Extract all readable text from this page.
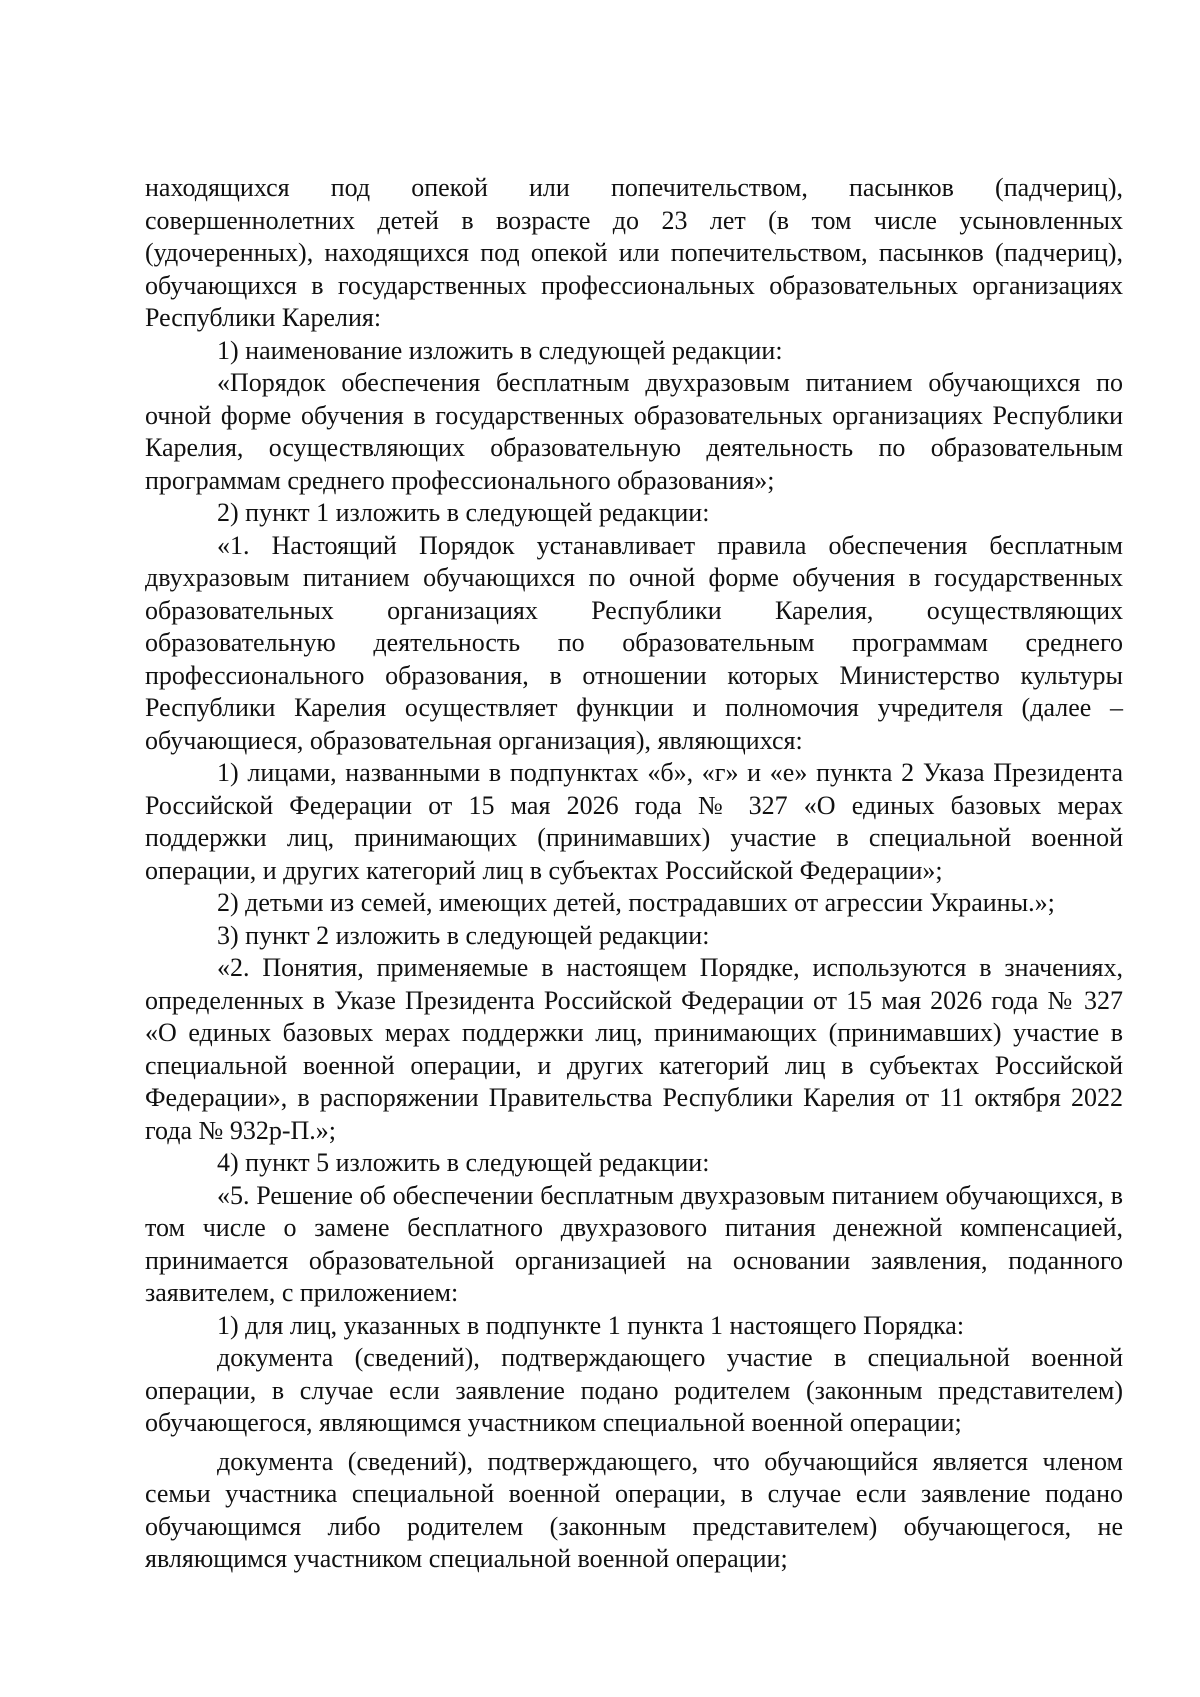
находящихся под опекой или попечительством, пасынков (падчериц), совершеннолетних детей в возрасте до 23 лет (в том числе усыновленных (удочеренных), находящихся под опекой или попечительством, пасынков (падчериц), обучающихся в государственных профессиональных образовательных организациях Республики Карелия:

1) наименование изложить в следующей редакции:

«Порядок обеспечения бесплатным двухразовым питанием обучающихся по очной форме обучения в государственных образовательных организациях Республики Карелия, осуществляющих образовательную деятельность по образовательным программам среднего профессионального образования»;

2) пункт 1 изложить в следующей редакции:

«1. Настоящий Порядок устанавливает правила обеспечения бесплатным двухразовым питанием обучающихся по очной форме обучения в государственных образовательных организациях Республики Карелия, осуществляющих образовательную деятельность по образовательным программам среднего профессионального образования, в отношении которых Министерство культуры Республики Карелия осуществляет функции и полномочия учредителя (далее – обучающиеся, образовательная организация), являющихся:

1) лицами, названными в подпунктах «б», «г» и «е» пункта 2 Указа Президента Российской Федерации от 15 мая 2026 года № 327 «О единых базовых мерах поддержки лиц, принимающих (принимавших) участие в специальной военной операции, и других категорий лиц в субъектах Российской Федерации»;

2) детьми из семей, имеющих детей, пострадавших от агрессии Украины.»;

3) пункт 2 изложить в следующей редакции:

«2. Понятия, применяемые в настоящем Порядке, используются в значениях, определенных в Указе Президента Российской Федерации от 15 мая 2026 года № 327 «О единых базовых мерах поддержки лиц, принимающих (принимавших) участие в специальной военной операции, и других категорий лиц в субъектах Российской Федерации», в распоряжении Правительства Республики Карелия от 11 октября 2022 года № 932р-П.»;

4) пункт 5 изложить в следующей редакции:

«5. Решение об обеспечении бесплатным двухразовым питанием обучающихся, в том числе о замене бесплатного двухразового питания денежной компенсацией, принимается образовательной организацией на основании заявления, поданного заявителем, с приложением:

1) для лиц, указанных в подпункте 1 пункта 1 настоящего Порядка:

документа (сведений), подтверждающего участие в специальной военной операции, в случае если заявление подано родителем (законным представителем) обучающегося, являющимся участником специальной военной операции;

документа (сведений), подтверждающего, что обучающийся является членом семьи участника специальной военной операции, в случае если заявление подано обучающимся либо родителем (законным представителем) обучающегося, не являющимся участником специальной военной операции;
